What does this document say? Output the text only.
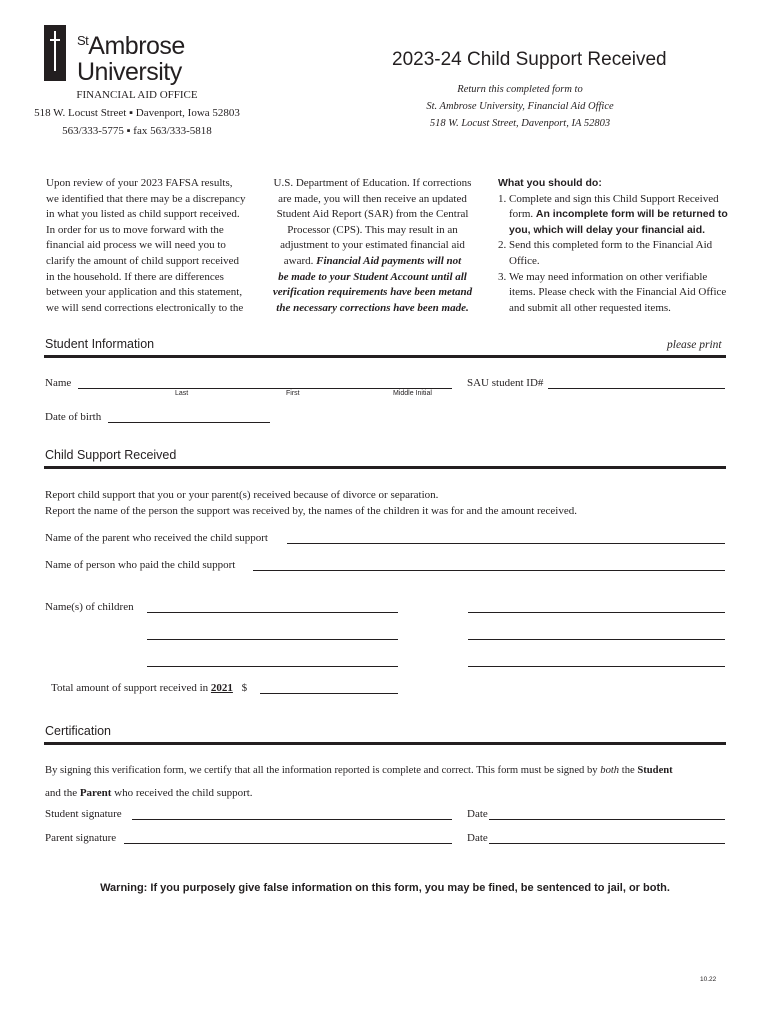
$^{St}$Ambrose
University	2023-24 Child Support Received
FINANCIAL AID OFFICE
518 W. Locust Street ▪ Davenport, Iowa 52803
563/333-5775 ▪ fax 563/333-5818
Return this completed form to
St. Ambrose University, Financial Aid Office
518 W. Locust Street, Davenport, IA 52803
Upon review of your 2023 FAFSA results,
we identified that there may be a discrepancy
in what you listed as child support received.
In order for us to move forward with the
financial aid process we will need you to
clarify the amount of child support received
in the household. If there are differences
between your application and this statement,
we will send corrections electronically to the
U.S. Department of Education. If corrections
are made, you will then receive an updated
Student Aid Report (SAR) from the Central
Processor (CPS). This may result in an
adjustment to your estimated financial aid
award. Financial Aid payments will not
be made to your Student Account until all
verification requirements have been metand
the necessary corrections have been made.
What you should do:
1. Complete and sign this Child Support Received form. An incomplete form will be returned to you, which will delay your financial aid.
2. Send this completed form to the Financial Aid Office.
3. We may need information on other verifiable items. Please check with the Financial Aid Office and submit all other requested items.
Student Information	please print
Name
Last	First	Middle Initial
SAU student ID#
Date of birth
Child Support Received
Report child support that you or your parent(s) received because of divorce or separation.
Report the name of the person the support was received by, the names of the children it was for and the amount received.
Name of the parent who received the child support
Name of person who paid the child support
Name(s) of children
Total amount of support received in 2021 $
Certification
By signing this verification form, we certify that all the information reported is complete and correct. This form must be signed by both the Student
and the Parent who received the child support.
Student signature	Date
Parent signature	Date
Warning: If you purposely give false information on this form, you may be fined, be sentenced to jail, or both.
10.22
